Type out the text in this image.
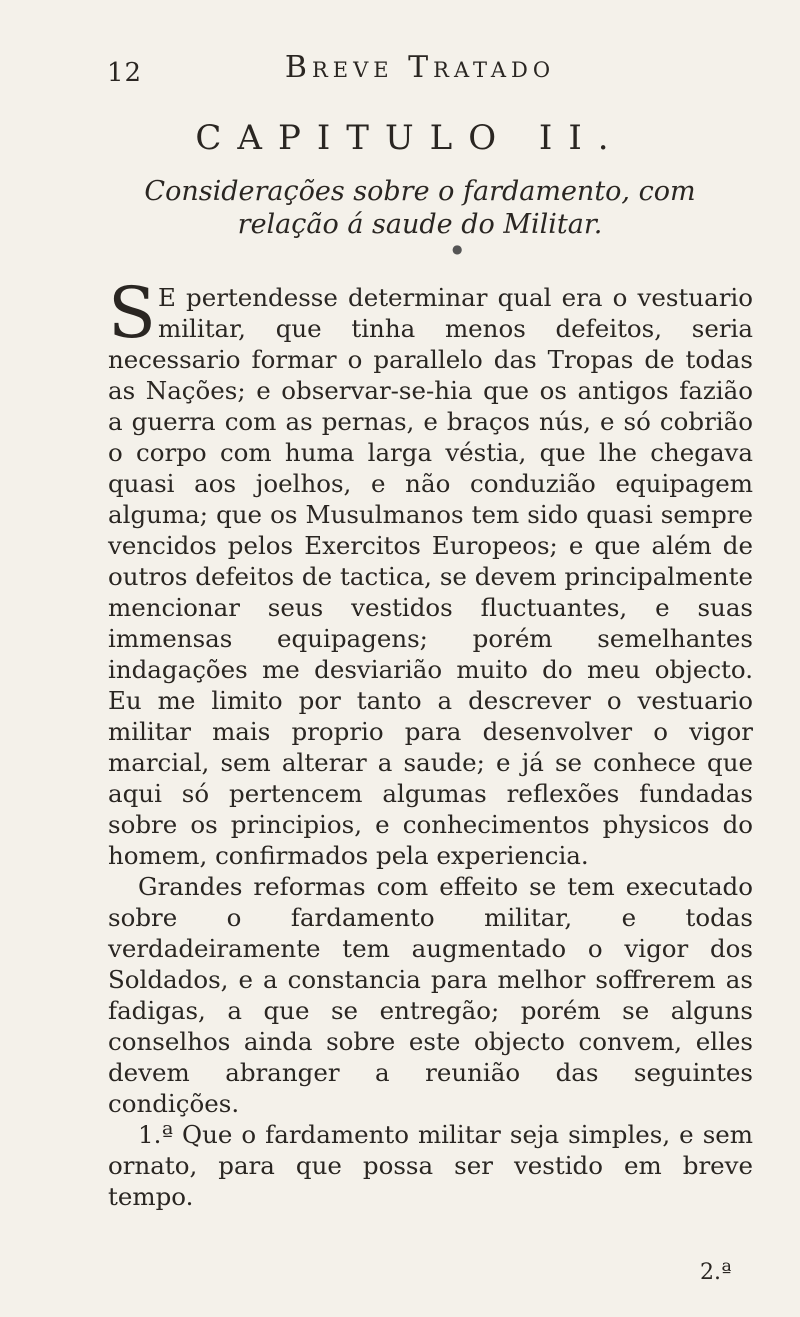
12	Breve Tratado
CAPITULO II.
Considerações sobre o fardamento, com relação á saude do Militar.
●

S E pertendesse determinar qual era o vestuario militar, que tinha menos defeitos, seria necessario formar o parallelo das Tropas de todas as Nações; e observar-se-hia que os antigos fazião a guerra com as pernas, e braços nús, e só cobrião o corpo com huma larga véstia, que lhe chegava quasi aos joelhos, e não conduzião equipagem alguma; que os Musulmanos tem sido quasi sempre vencidos pelos Exercitos Europeos; e que além de outros defeitos de tactica, se devem principalmente mencionar seus vestidos fluctuantes, e suas immensas equipagens; porém semelhantes indagações me desviarião muito do meu objecto. Eu me limito por tanto a descrever o vestuario militar mais proprio para desenvolver o vigor marcial, sem alterar a saude; e já se conhece que aqui só pertencem algumas reflexões fundadas sobre os principios, e conhecimentos physicos do homem, confirmados pela experiencia.

Grandes reformas com effeito se tem executado sobre o fardamento militar, e todas verdadeiramente tem augmentado o vigor dos Soldados, e a constancia para melhor soffrerem as fadigas, a que se entregão; porém se alguns conselhos ainda sobre este objecto convem, elles devem abranger a reunião das seguintes condições.

1.ª Que o fardamento militar seja simples, e sem ornato, para que possa ser vestido em breve tempo.

2.ª
